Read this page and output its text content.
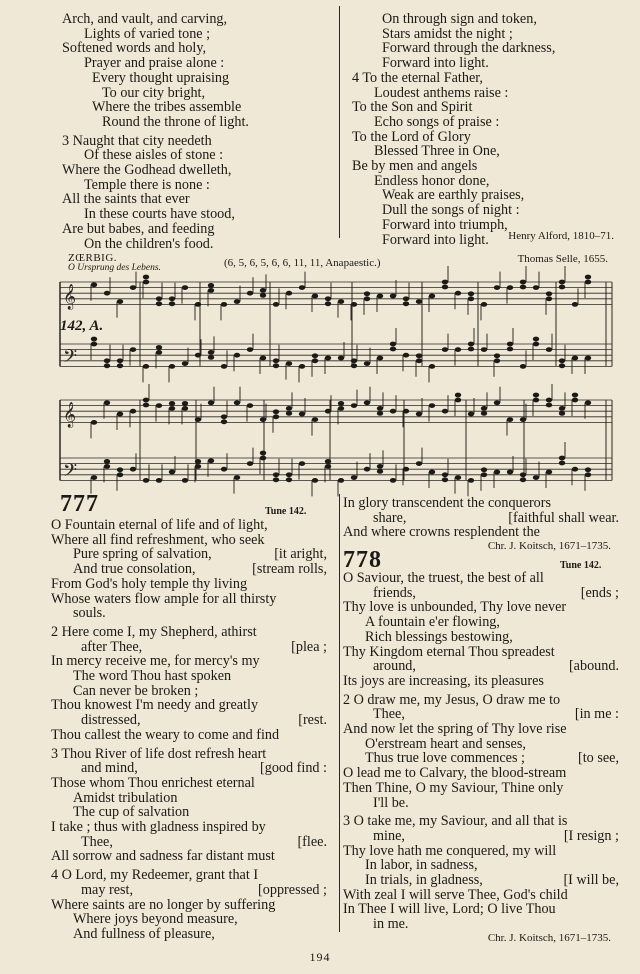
Arch, and vault, and carving,
Lights of varied tone ;
Softened words and holy,
Prayer and praise alone :
Every thought upraising
To our city bright,
Where the tribes assemble
Round the throne of light.
3 Naught that city needeth
Of these aisles of stone :
Where the Godhead dwelleth,
Temple there is none :
All the saints that ever
In these courts have stood,
Are but babes, and feeding
On the children's food.
On through sign and token,
Stars amidst the night ;
Forward through the darkness,
Forward into light.
4 To the eternal Father,
Loudest anthems raise :
To the Son and Spirit
Echo songs of praise :
To the Lord of Glory
Blessed Three in One,
Be by men and angels
Endless honor done,
Weak are earthly praises,
Dull the songs of night :
Forward into triumph,
Forward into light.	Henry Alford, 1810–71.
ZŒRBIG.
O Ursprung des Lebens.	(6, 5, 6, 5, 6, 6, 11, 11, Anapaestic.)	Thomas Selle, 1655.
𝄞
𝄢
𝄞
𝄢
142, A.
777	Tune 142.
O Fountain eternal of life and of light,
Where all find refreshment, who seek
Pure spring of salvation,	[it aright,
And true consolation,	[stream rolls,
From God's holy temple thy living
Whose waters flow ample for all thirsty
souls.
2 Here come I, my Shepherd, athirst
after Thee,	[plea ;
In mercy receive me, for mercy's my
The word Thou hast spoken
Can never be broken ;
Thou knowest I'm needy and greatly
distressed,	[rest.
Thou callest the weary to come and find
3 Thou River of life dost refresh heart
and mind,	[good find :
Those whom Thou enrichest eternal
Amidst tribulation
The cup of salvation
I take ; thus with gladness inspired by
Thee,	[flee.
All sorrow and sadness far distant must
4 O Lord, my Redeemer, grant that I
may rest,	[oppressed ;
Where saints are no longer by suffering
Where joys beyond measure,
And fullness of pleasure,
In glory transcendent the conquerors
share,	[faithful shall wear.
And where crowns resplendent the
Chr. J. Koitsch, 1671–1735.
778	Tune 142.
O Saviour, the truest, the best of all
friends,	[ends ;
Thy love is unbounded, Thy love never
A fountain e'er flowing,
Rich blessings bestowing,
Thy Kingdom eternal Thou spreadest
around,	[abound.
Its joys are increasing, its pleasures
2 O draw me, my Jesus, O draw me to
Thee,	[in me :
And now let the spring of Thy love rise
O'erstream heart and senses,
Thus true love commences ;	[to see,
O lead me to Calvary, the blood-stream
Then Thine, O my Saviour, Thine only
I'll be.
3 O take me, my Saviour, and all that is
mine,	[I resign ;
Thy love hath me conquered, my will
In labor, in sadness,
In trials, in gladness,	[I will be,
With zeal I will serve Thee, God's child
In Thee I will live, Lord; O live Thou
in me.
Chr. J. Koitsch, 1671–1735.
194
